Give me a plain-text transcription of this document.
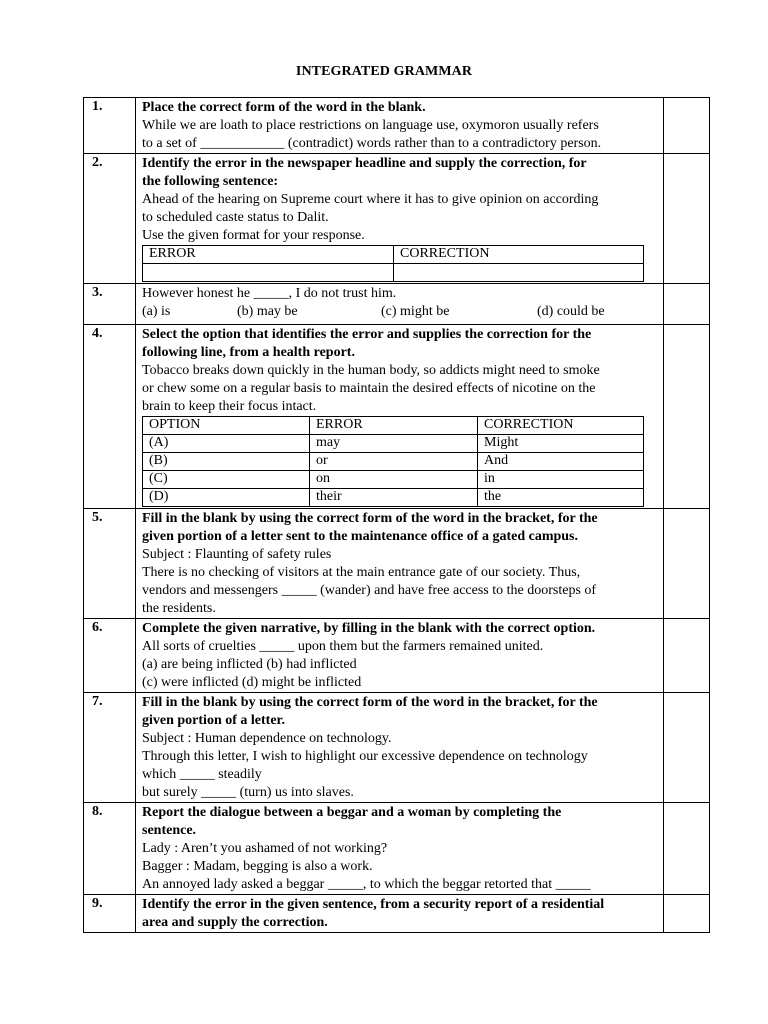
INTEGRATED GRAMMAR
1.	Place the correct form of the word in the blank.
While we are loath to place restrictions on language use, oxymoron usually refers
to a set of ____________ (contradict) words rather than to a contradictory person.

2.	Identify the error in the newspaper headline and supply the correction, for
the following sentence:
Ahead of the hearing on Supreme court where it has to give opinion on according
to scheduled caste status to Dalit.
Use the given format for your response.
ERROR	CORRECTION

3.	However honest he _____, I do not trust him.
(a) is	(b) may be	(c) might be	(d) could be

4.	Select the option that identifies the error and supplies the correction for the
following line, from a health report.
Tobacco breaks down quickly in the human body, so addicts might need to smoke
or chew some on a regular basis to maintain the desired effects of nicotine on the
brain to keep their focus intact.
OPTION	ERROR	CORRECTION
(A)	may	Might
(B)	or	And
(C)	on	in
(D)	their	the

5.	Fill in the blank by using the correct form of the word in the bracket, for the
given portion of a letter sent to the maintenance office of a gated campus.
Subject : Flaunting of safety rules
There is no checking of visitors at the main entrance gate of our society. Thus,
vendors and messengers _____ (wander) and have free access to the doorsteps of
the residents.

6.	Complete the given narrative, by filling in the blank with the correct option.
All sorts of cruelties _____ upon them but the farmers remained united.
(a) are being inflicted (b) had inflicted
(c) were inflicted (d) might be inflicted

7.	Fill in the blank by using the correct form of the word in the bracket, for the
given portion of a letter.
Subject : Human dependence on technology.
Through this letter, I wish to highlight our excessive dependence on technology
which _____ steadily
but surely _____ (turn) us into slaves.

8.	Report the dialogue between a beggar and a woman by completing the
sentence.
Lady : Aren’t you ashamed of not working?
Bagger : Madam, begging is also a work.
An annoyed lady asked a beggar _____, to which the beggar retorted that _____

9.	Identify the error in the given sentence, from a security report of a residential
area and supply the correction.
